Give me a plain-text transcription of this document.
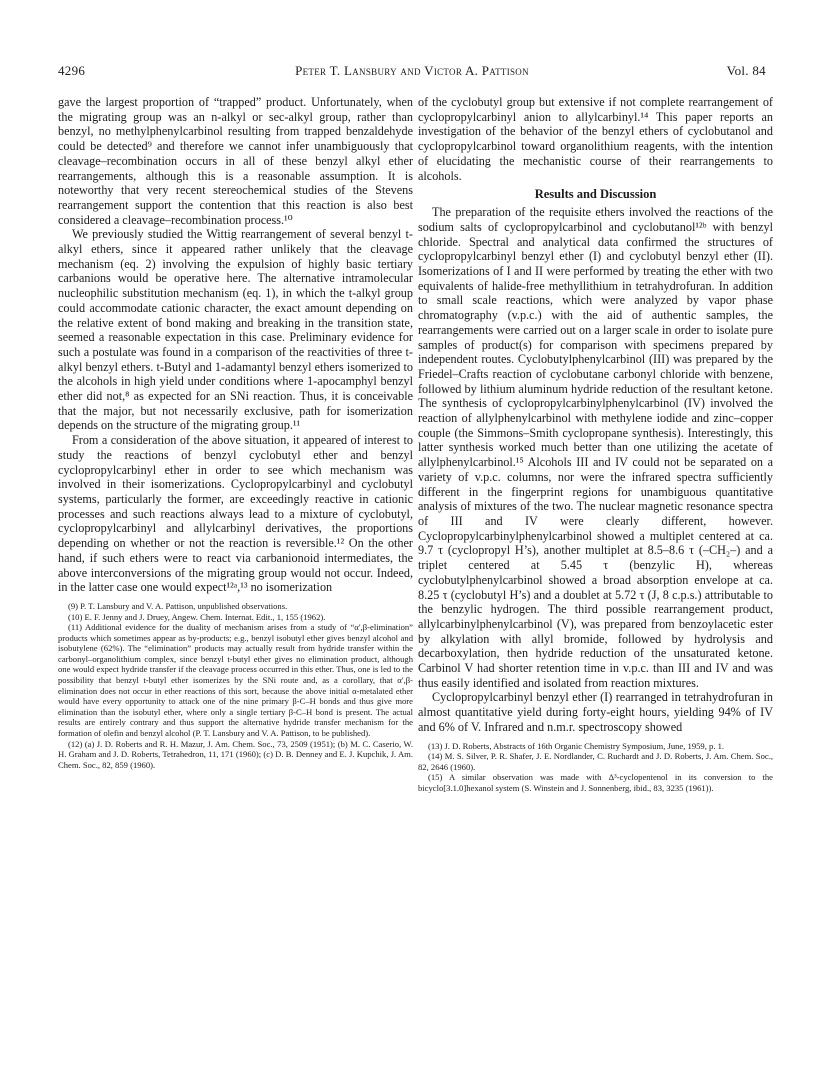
4296	Peter T. Lansbury and Victor A. Pattison	Vol. 84

gave the largest proportion of “trapped” product. Unfortunately, when the migrating group was an n-alkyl or sec-alkyl group, rather than benzyl, no methylphenylcarbinol resulting from trapped benzaldehyde could be detected⁹ and therefore we cannot infer unambiguously that cleavage–recombination occurs in all of these benzyl alkyl ether rearrangements, although this is a reasonable assumption. It is noteworthy that very recent stereochemical studies of the Stevens rearrangement support the contention that this reaction is also best considered a cleavage–recombination process.¹⁰

We previously studied the Wittig rearrangement of several benzyl t-alkyl ethers, since it appeared rather unlikely that the cleavage mechanism (eq. 2) involving the expulsion of highly basic tertiary carbanions would be operative here. The alternative intramolecular nucleophilic substitution mechanism (eq. 1), in which the t-alkyl group could accommodate cationic character, the exact amount depending on the relative extent of bond making and breaking in the transition state, seemed a reasonable expectation in this case. Preliminary evidence for such a postulate was found in a comparison of the reactivities of three t-alkyl benzyl ethers. t-Butyl and 1-adamantyl benzyl ethers isomerized to the alcohols in high yield under conditions where 1-apocamphyl benzyl ether did not,⁸ as expected for an SNi reaction. Thus, it is conceivable that the major, but not necessarily exclusive, path for isomerization depends on the structure of the migrating group.¹¹

From a consideration of the above situation, it appeared of interest to study the reactions of benzyl cyclobutyl ether and benzyl cyclopropylcarbinyl ether in order to see which mechanism was involved in their isomerizations. Cyclopropylcarbinyl and cyclobutyl systems, particularly the former, are exceedingly reactive in cationic processes and such reactions always lead to a mixture of cyclobutyl, cyclopropylcarbinyl and allylcarbinyl derivatives, the proportions depending on whether or not the reaction is reversible.¹² On the other hand, if such ethers were to react via carbanionoid intermediates, the above interconversions of the migrating group would not occur. Indeed, in the latter case one would expect¹²ᵃ,¹³ no isomerization

(9) P. T. Lansbury and V. A. Pattison, unpublished observations.

(10) E. F. Jenny and J. Druey, Angew. Chem. Internat. Edit., 1, 155 (1962).

(11) Additional evidence for the duality of mechanism arises from a study of “α′,β-elimination” products which sometimes appear as by-products; e.g., benzyl isobutyl ether gives benzyl alcohol and isobutylene (62%). The “elimination” products may actually result from hydride transfer within the carbonyl–organolithium complex, since benzyl t-butyl ether gives no elimination product, although one would expect hydride transfer if the cleavage process occurred in this ether. Thus, one is led to the possibility that benzyl t-butyl ether isomerizes by the SNi route and, as a corollary, that α′,β-elimination does not occur in ether reactions of this sort, because the above initial α-metalated ether would have every opportunity to attack one of the nine primary β-C–H bonds and thus give more elimination than the isobutyl ether, where only a single tertiary β-C–H bond is present. The actual results are entirely contrary and thus support the alternative hydride transfer mechanism for the formation of olefin and benzyl alcohol (P. T. Lansbury and V. A. Pattison, to be published).

(12) (a) J. D. Roberts and R. H. Mazur, J. Am. Chem. Soc., 73, 2509 (1951); (b) M. C. Caserio, W. H. Graham and J. D. Roberts, Tetrahedron, 11, 171 (1960); (c) D. B. Denney and E. J. Kupchik, J. Am. Chem. Soc., 82, 859 (1960).

of the cyclobutyl group but extensive if not complete rearrangement of cyclopropylcarbinyl anion to allylcarbinyl.¹⁴ This paper reports an investigation of the behavior of the benzyl ethers of cyclobutanol and cyclopropylcarbinol toward organolithium reagents, with the intention of elucidating the mechanistic course of their rearrangements to alcohols.

Results and Discussion

The preparation of the requisite ethers involved the reactions of the sodium salts of cyclopropylcarbinol and cyclobutanol¹²ᵇ with benzyl chloride. Spectral and analytical data confirmed the structures of cyclopropylcarbinyl benzyl ether (I) and cyclobutyl benzyl ether (II). Isomerizations of I and II were performed by treating the ether with two equivalents of halide-free methyllithium in tetrahydrofuran. In addition to small scale reactions, which were analyzed by vapor phase chromatography (v.p.c.) with the aid of authentic samples, the rearrangements were carried out on a larger scale in order to isolate pure samples of product(s) for comparison with specimens prepared by independent routes. Cyclobutylphenylcarbinol (III) was prepared by the Friedel–Crafts reaction of cyclobutane carbonyl chloride with benzene, followed by lithium aluminum hydride reduction of the resultant ketone. The synthesis of cyclopropylcarbinylphenylcarbinol (IV) involved the reaction of allylphenylcarbinol with methylene iodide and zinc–copper couple (the Simmons–Smith cyclopropane synthesis). Interestingly, this latter synthesis worked much better than one utilizing the acetate of allylphenylcarbinol.¹⁵ Alcohols III and IV could not be separated on a variety of v.p.c. columns, nor were the infrared spectra sufficiently different in the fingerprint regions for unambiguous quantitative analysis of mixtures of the two. The nuclear magnetic resonance spectra of III and IV were clearly different, however. Cyclopropylcarbinylphenylcarbinol showed a multiplet centered at ca. 9.7 τ (cyclopropyl H’s), another multiplet at 8.5–8.6 τ (–CH₂–) and a triplet centered at 5.45 τ (benzylic H), whereas cyclobutylphenylcarbinol showed a broad absorption envelope at ca. 8.25 τ (cyclobutyl H’s) and a doublet at 5.72 τ (J, 8 c.p.s.) attributable to the benzylic hydrogen. The third possible rearrangement product, allylcarbinylphenylcarbinol (V), was prepared from benzoylacetic ester by alkylation with allyl bromide, followed by hydrolysis and decarboxylation, then hydride reduction of the unsaturated ketone. Carbinol V had shorter retention time in v.p.c. than III and IV and was thus easily identified and isolated from reaction mixtures.

Cyclopropylcarbinyl benzyl ether (I) rearranged in tetrahydrofuran in almost quantitative yield during forty-eight hours, yielding 94% of IV and 6% of V. Infrared and n.m.r. spectroscopy showed

(13) J. D. Roberts, Abstracts of 16th Organic Chemistry Symposium, June, 1959, p. 1.

(14) M. S. Silver, P. R. Shafer, J. E. Nordlander, C. Ruchardt and J. D. Roberts, J. Am. Chem. Soc., 82, 2646 (1960).

(15) A similar observation was made with Δ³-cyclopentenol in its conversion to the bicyclo[3.1.0]hexanol system (S. Winstein and J. Sonnenberg, ibid., 83, 3235 (1961)).
